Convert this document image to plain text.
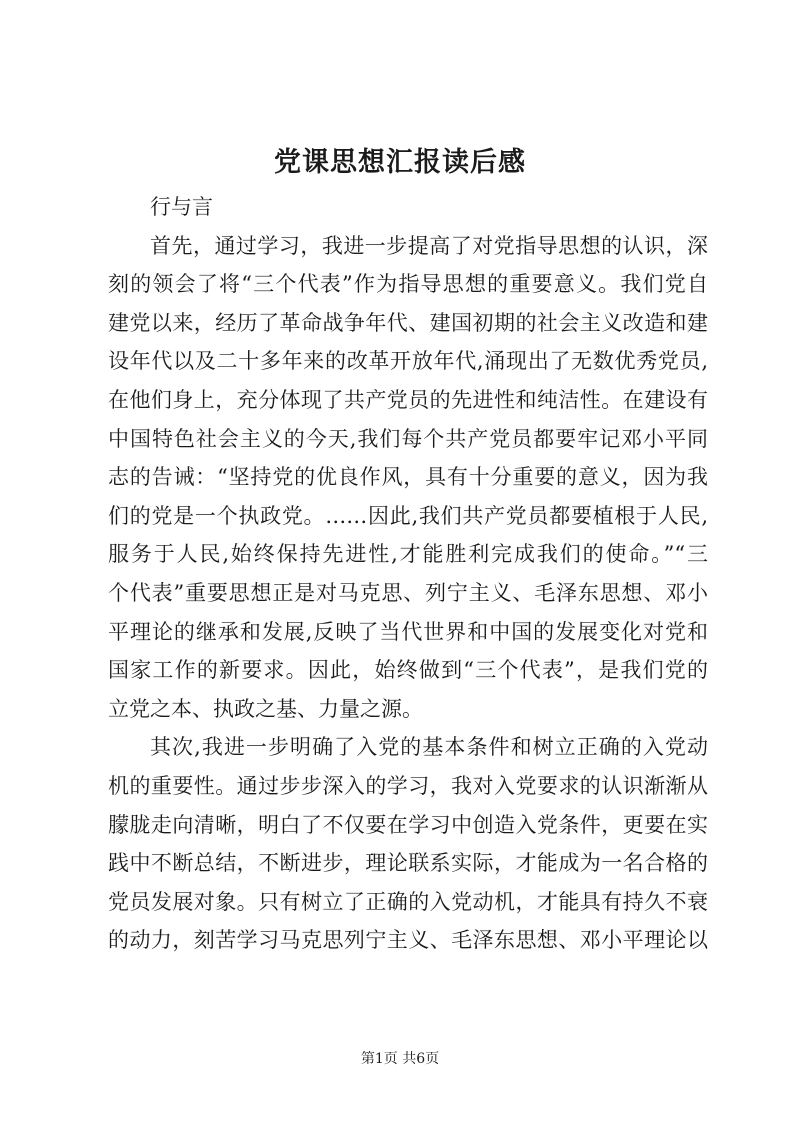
党课思想汇报读后感
行与言
首先，通过学习，我进一步提高了对党指导思想的认识，深
刻的领会了将“三个代表”作为指导思想的重要意义。我们党自
建党以来，经历了革命战争年代、建国初期的社会主义改造和建
设年代以及二十多年来的改革开放年代,涌现出了无数优秀党员,
在他们身上，充分体现了共产党员的先进性和纯洁性。在建设有
中国特色社会主义的今天,我们每个共产党员都要牢记邓小平同
志的告诫：“坚持党的优良作风，具有十分重要的意义，因为我
们的党是一个执政党。……因此,我们共产党员都要植根于人民,
服务于人民,始终保持先进性,才能胜利完成我们的使命。”“三
个代表”重要思想正是对马克思、列宁主义、毛泽东思想、邓小
平理论的继承和发展,反映了当代世界和中国的发展变化对党和
国家工作的新要求。因此，始终做到“三个代表”，是我们党的
立党之本、执政之基、力量之源。
其次,我进一步明确了入党的基本条件和树立正确的入党动
机的重要性。通过步步深入的学习，我对入党要求的认识渐渐从
朦胧走向清晰，明白了不仅要在学习中创造入党条件，更要在实
践中不断总结，不断进步，理论联系实际，才能成为一名合格的
党员发展对象。只有树立了正确的入党动机，才能具有持久不衰
的动力，刻苦学习马克思列宁主义、毛泽东思想、邓小平理论以
第1页 共6页
